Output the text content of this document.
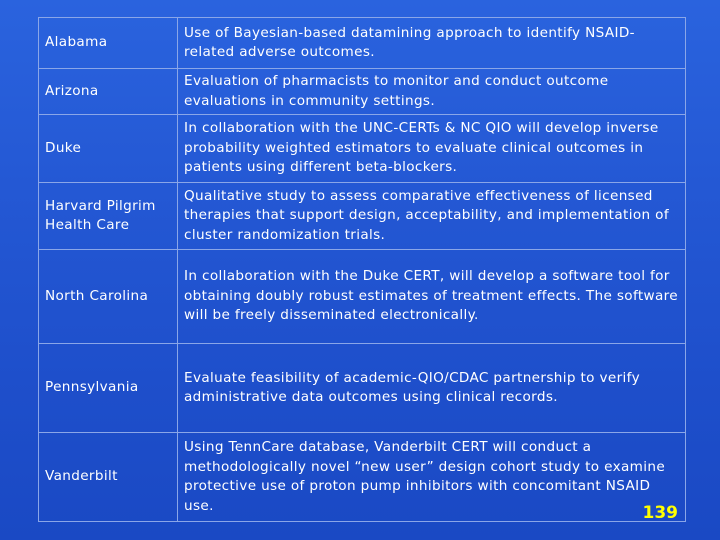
Alabama	Use of Bayesian-based datamining approach to identify NSAID-related adverse outcomes.
Arizona	Evaluation of pharmacists to monitor and conduct outcome evaluations in community settings.
Duke	In collaboration with the UNC-CERTs & NC QIO will develop inverse probability weighted estimators to evaluate clinical outcomes in patients using different beta-blockers.
Harvard Pilgrim Health Care	Qualitative study to assess comparative effectiveness of licensed therapies that support design, acceptability, and implementation of cluster randomization trials.
North Carolina	In collaboration with the Duke CERT, will develop a software tool for obtaining doubly robust estimates of treatment effects. The software will be freely disseminated electronically.
Pennsylvania	Evaluate feasibility of academic-QIO/CDAC partnership to verify administrative data outcomes using clinical records.
Vanderbilt	Using TennCare database, Vanderbilt CERT will conduct a methodologically novel “new user” design cohort study to examine protective use of proton pump inhibitors with concomitant NSAID use.	139
